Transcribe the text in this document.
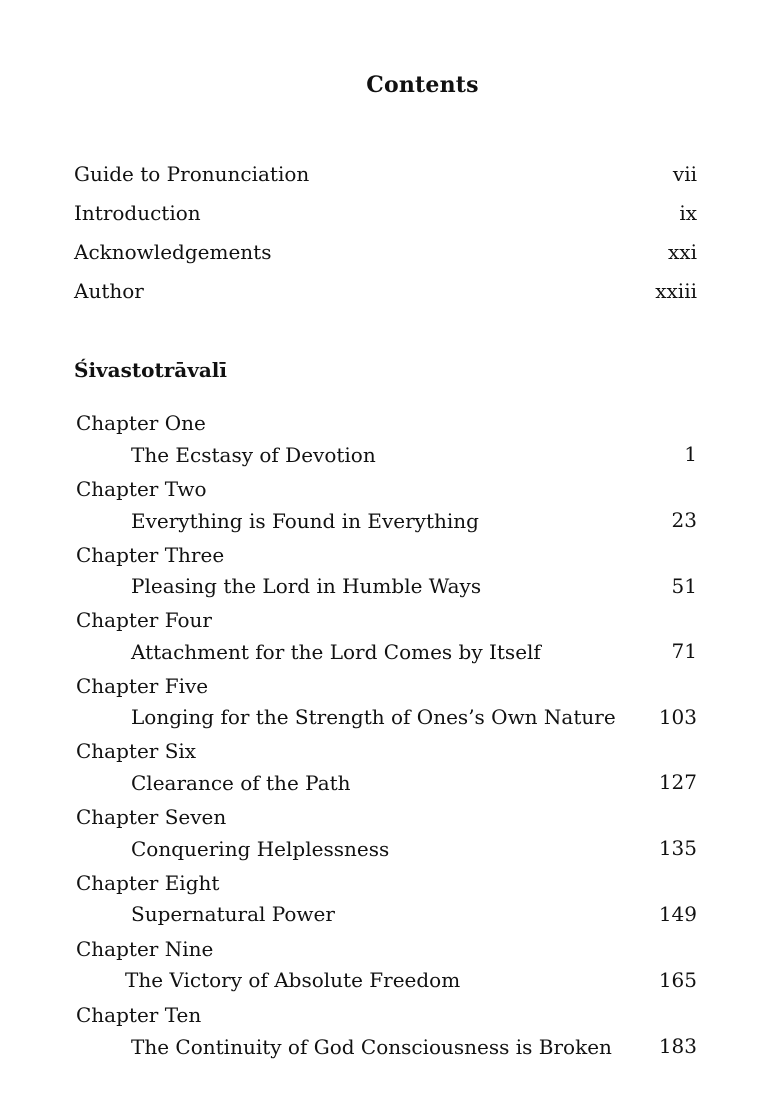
Contents
Guide to Pronunciation	vii
Introduction	ix
Acknowledgements	xxi
Author	xxiii
Śivastotrāvalī
Chapter One
The Ecstasy of Devotion	1
Chapter Two
Everything is Found in Everything	23
Chapter Three
Pleasing the Lord in Humble Ways	51
Chapter Four
Attachment for the Lord Comes by Itself	71
Chapter Five
Longing for the Strength of Ones’s Own Nature 103
Chapter Six
Clearance of the Path	127
Chapter Seven
Conquering Helplessness	135
Chapter Eight
Supernatural Power	149
Chapter Nine
The Victory of Absolute Freedom	165
Chapter Ten
The Continuity of God Consciousness is Broken 183
